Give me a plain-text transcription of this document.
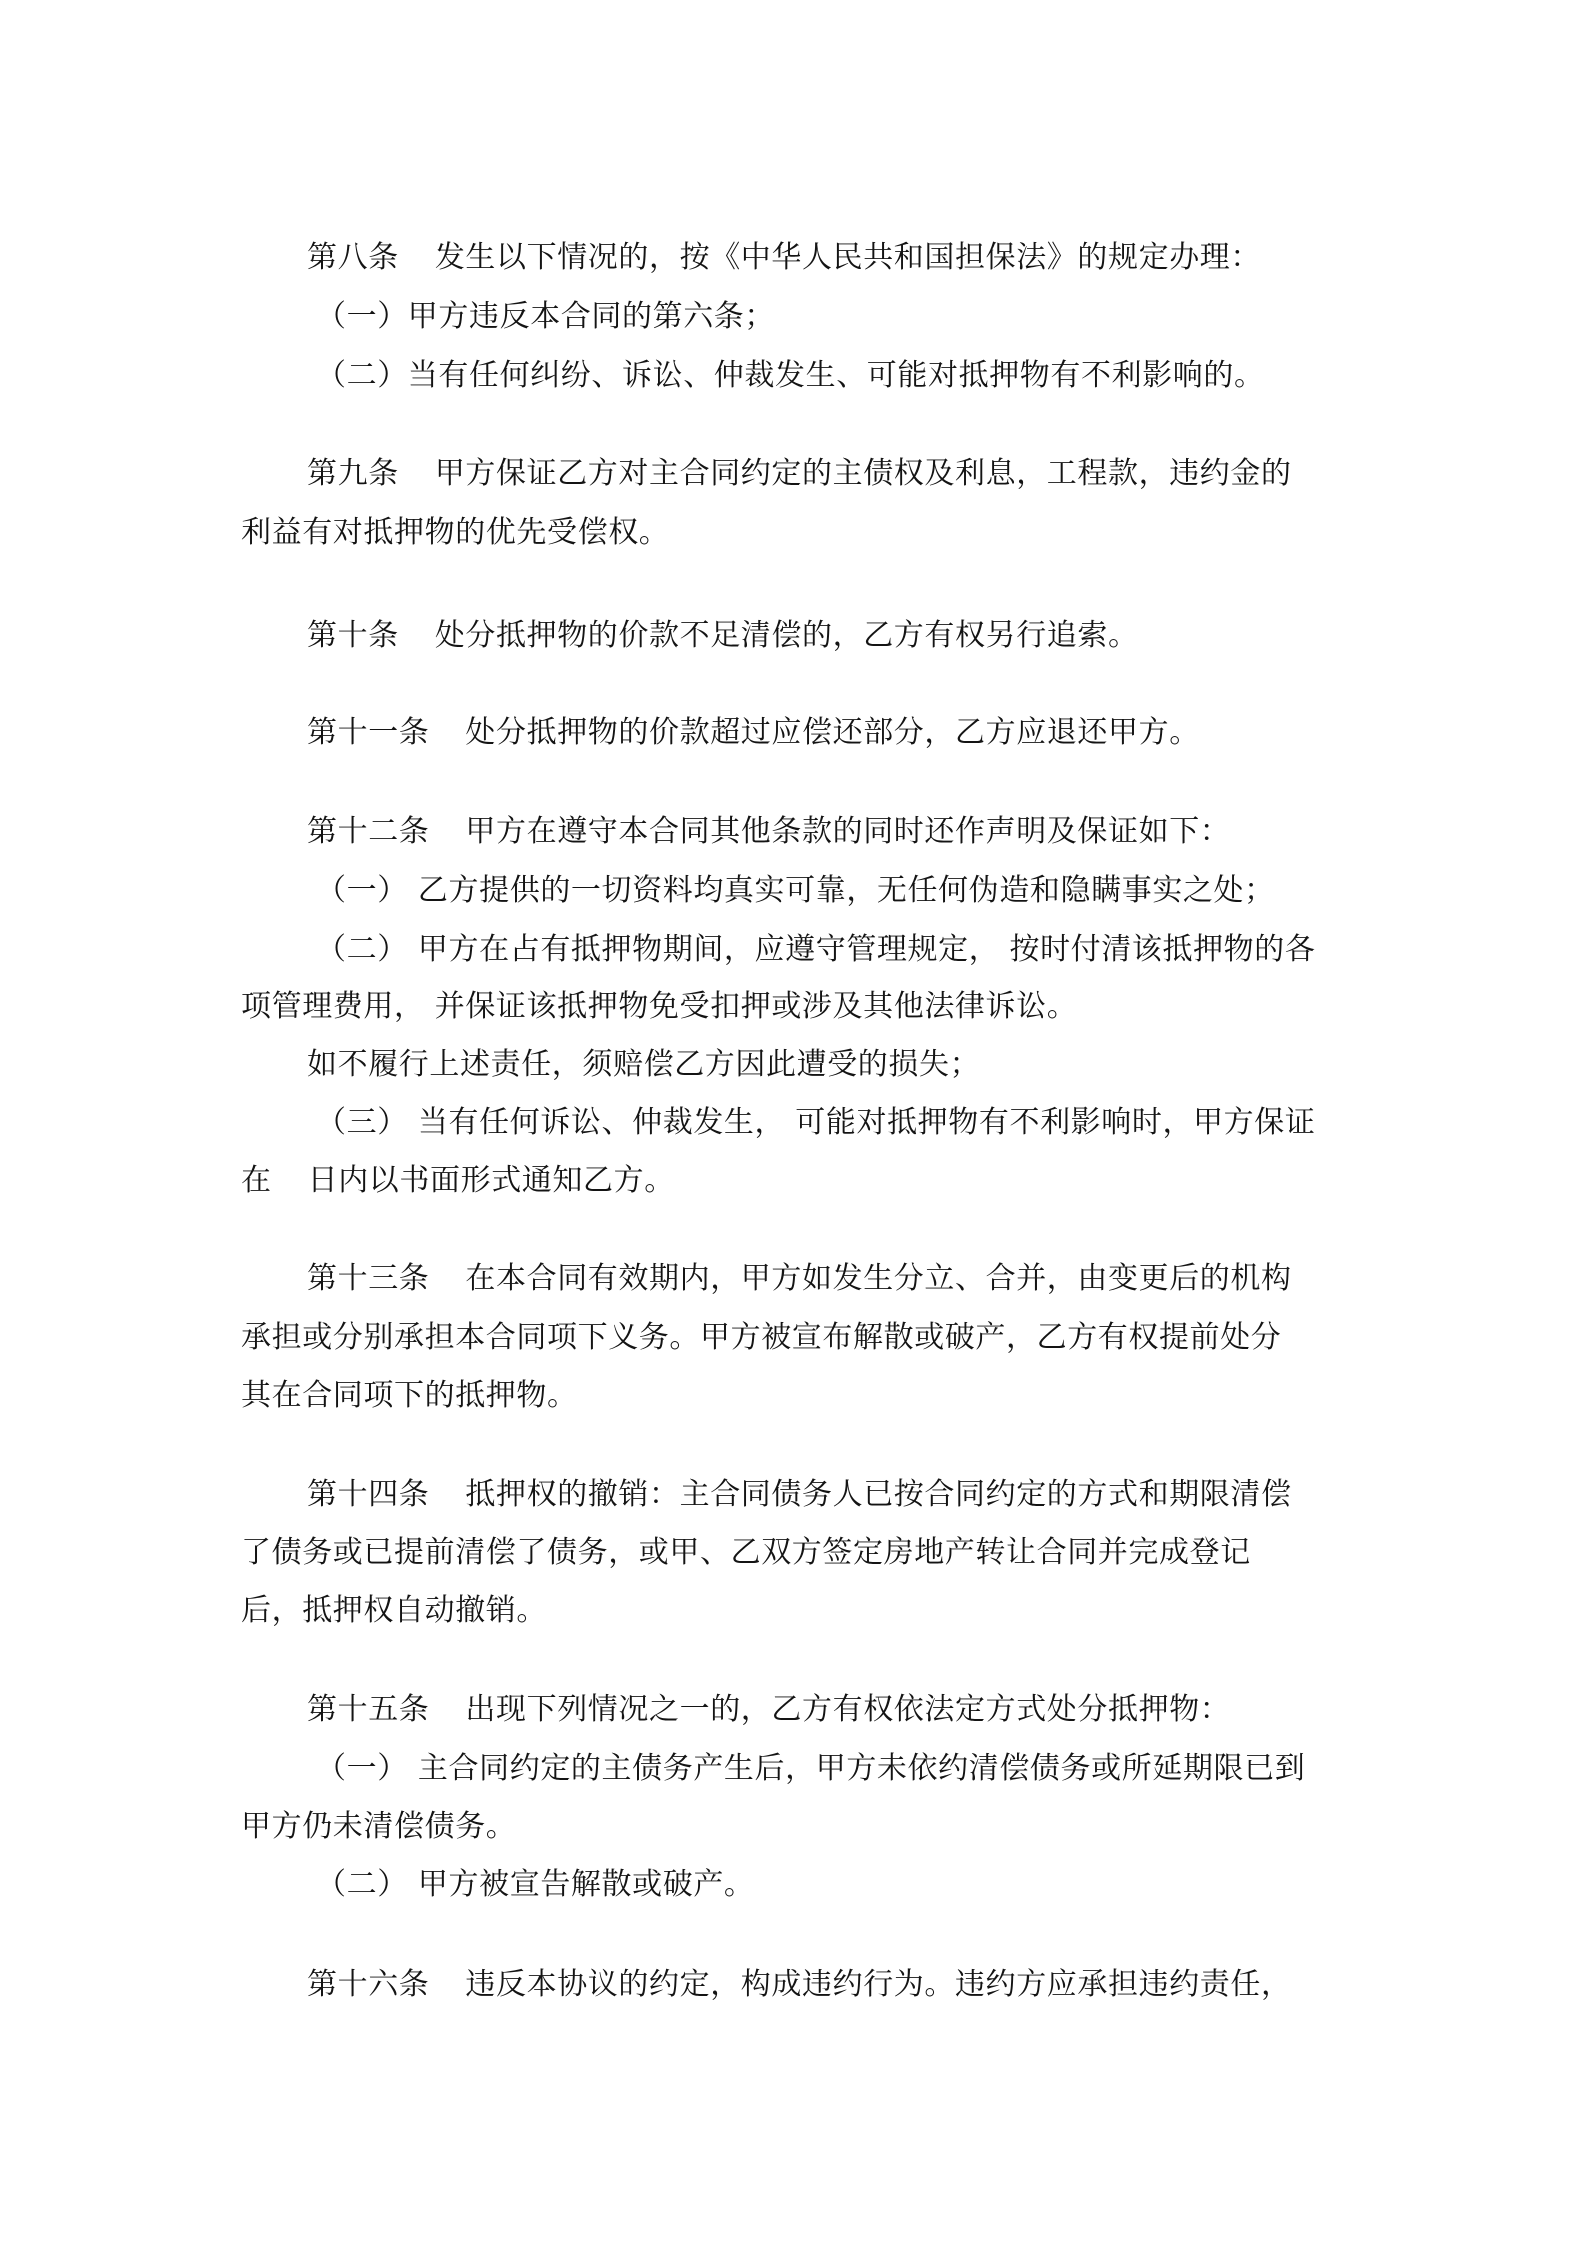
第八条 发生以下情况的，按《中华人民共和国担保法》的规定办理：
（一）甲方违反本合同的第六条；
（二）当有任何纠纷、诉讼、仲裁发生、可能对抵押物有不利影响的。
第九条 甲方保证乙方对主合同约定的主债权及利息，工程款，违约金的
利益有对抵押物的优先受偿权。
第十条 处分抵押物的价款不足清偿的，乙方有权另行追索。
第十一条 处分抵押物的价款超过应偿还部分，乙方应退还甲方。
第十二条 甲方在遵守本合同其他条款的同时还作声明及保证如下：
（一） 乙方提供的一切资料均真实可靠，无任何伪造和隐瞒事实之处；
（二） 甲方在占有抵押物期间，应遵守管理规定， 按时付清该抵押物的各
项管理费用， 并保证该抵押物免受扣押或涉及其他法律诉讼。
如不履行上述责任，须赔偿乙方因此遭受的损失；
（三） 当有任何诉讼、仲裁发生， 可能对抵押物有不利影响时，甲方保证
在 日内以书面形式通知乙方。
第十三条 在本合同有效期内，甲方如发生分立、合并，由变更后的机构
承担或分别承担本合同项下义务。甲方被宣布解散或破产，乙方有权提前处分
其在合同项下的抵押物。
第十四条 抵押权的撤销：主合同债务人已按合同约定的方式和期限清偿
了债务或已提前清偿了债务，或甲、乙双方签定房地产转让合同并完成登记
后，抵押权自动撤销。
第十五条 出现下列情况之一的，乙方有权依法定方式处分抵押物：
（一） 主合同约定的主债务产生后，甲方未依约清偿债务或所延期限已到
甲方仍未清偿债务。
（二） 甲方被宣告解散或破产。
第十六条 违反本协议的约定，构成违约行为。违约方应承担违约责任，
